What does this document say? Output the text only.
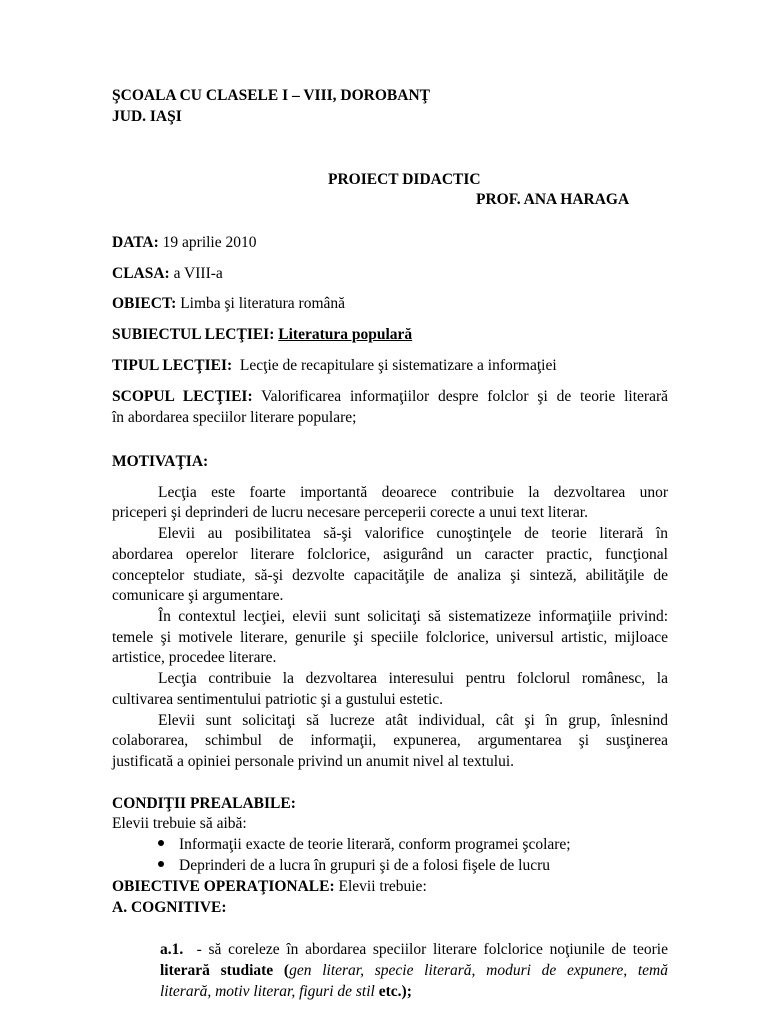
ŞCOALA CU CLASELE I – VIII, DOROBANŢ
JUD. IAŞI
PROIECT DIDACTIC
PROF. ANA HARAGA
DATA: 19 aprilie 2010
CLASA: a VIII-a
OBIECT: Limba şi literatura română
SUBIECTUL LECŢIEI: Literatura populară
TIPUL LECŢIEI: Lecţie de recapitulare şi sistematizare a informaţiei
SCOPUL LECŢIEI: Valorificarea informaţiilor despre folclor şi de teorie literară
în abordarea speciilor literare populare;
MOTIVAŢIA:
Lecţia este foarte importantă deoarece contribuie la dezvoltarea unor
priceperi şi deprinderi de lucru necesare perceperii corecte a unui text literar.
Elevii au posibilitatea să-şi valorifice cunoştinţele de teorie literară în
abordarea operelor literare folclorice, asigurând un caracter practic, funcţional
conceptelor studiate, să-şi dezvolte capacităţile de analiza şi sinteză, abilităţile de
comunicare şi argumentare.
În contextul lecţiei, elevii sunt solicitaţi să sistematizeze informaţiile privind:
temele şi motivele literare, genurile şi speciile folclorice, universul artistic, mijloace
artistice, procedee literare.
Lecţia contribuie la dezvoltarea interesului pentru folclorul românesc, la
cultivarea sentimentului patriotic şi a gustului estetic.
Elevii sunt solicitaţi să lucreze atât individual, cât şi în grup, înlesnind
colaborarea, schimbul de informaţii, expunerea, argumentarea şi susţinerea
justificată a opiniei personale privind un anumit nivel al textului.
CONDIŢII PREALABILE:
Elevii trebuie să aibă:
Informaţii exacte de teorie literară, conform programei şcolare;
Deprinderi de a lucra în grupuri şi de a folosi fişele de lucru
OBIECTIVE OPERAŢIONALE: Elevii trebuie:
A. COGNITIVE:
a.1. - să coreleze în abordarea speciilor literare folclorice noţiunile de teorie
literară studiate (gen literar, specie literară, moduri de expunere, temă
literară, motiv literar, figuri de stil etc.);
